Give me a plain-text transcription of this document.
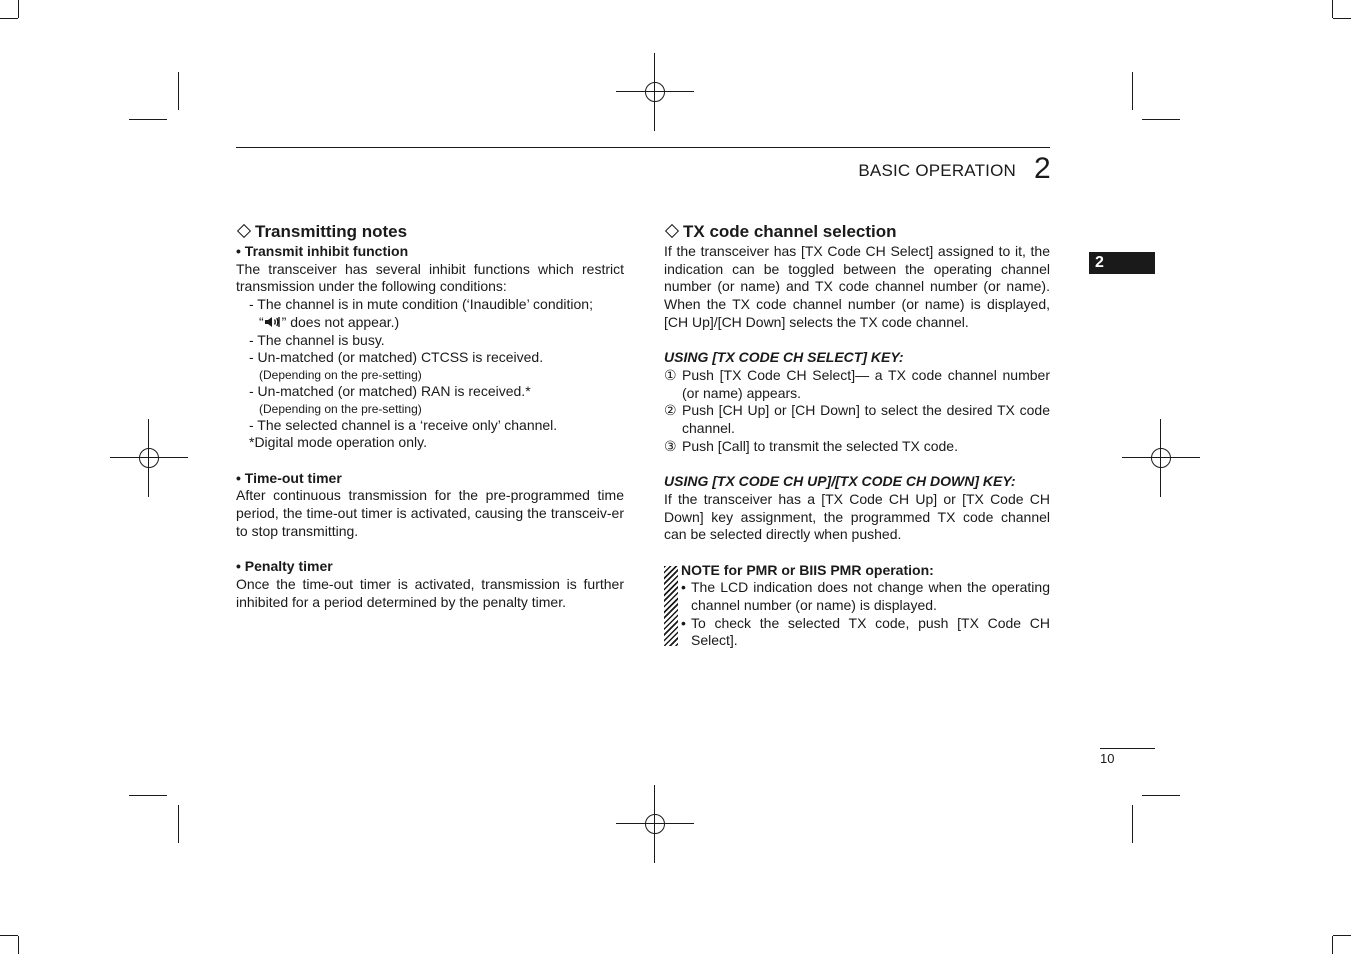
BASIC OPERATION 2
2
Transmitting notes
• Transmit inhibit function
The transceiver has several inhibit functions which restrict transmission under the following conditions:
- The channel is in mute condition (‘Inaudible’ condition;
“ ” does not appear.)
- The channel is busy.
- Un-matched (or matched) CTCSS is received.
(Depending on the pre-setting)
- Un-matched (or matched) RAN is received.*
(Depending on the pre-setting)
- The selected channel is a ‘receive only’ channel.
*Digital mode operation only.
• Time-out timer
After continuous transmission for the pre-programmed time period, the time-out timer is activated, causing the transceiv-er to stop transmitting.
• Penalty timer
Once the time-out timer is activated, transmission is further inhibited for a period determined by the penalty timer.
TX code channel selection
If the transceiver has [TX Code CH Select] assigned to it, the indication can be toggled between the operating channel number (or name) and TX code channel number (or name). When the TX code channel number (or name) is displayed, [CH Up]/[CH Down] selects the TX code channel.
USING [TX CODE CH SELECT] KEY:
① Push [TX Code CH Select]— a TX code channel number (or name) appears.
② Push [CH Up] or [CH Down] to select the desired TX code channel.
③ Push [Call] to transmit the selected TX code.
USING [TX CODE CH UP]/[TX CODE CH DOWN] KEY:
If the transceiver has a [TX Code CH Up] or [TX Code CH Down] key assignment, the programmed TX code channel can be selected directly when pushed.
NOTE for PMR or BIIS PMR operation:
• The LCD indication does not change when the operating channel number (or name) is displayed.
• To check the selected TX code, push [TX Code CH Select].
10
